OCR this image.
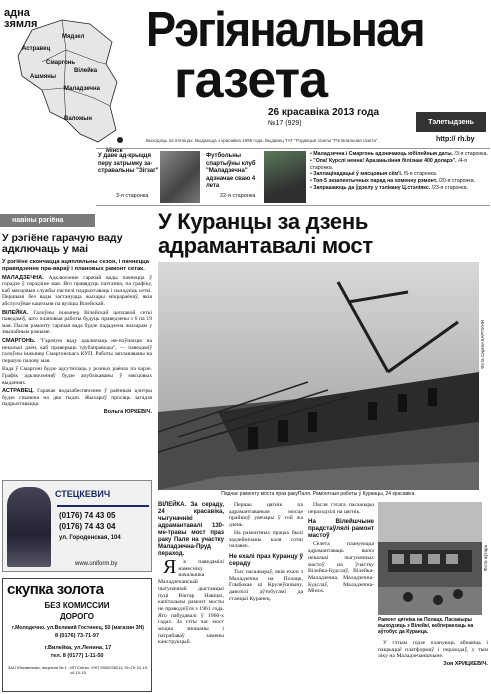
адна
зямля
Мядзел
Астравец
Смаргонь
Ашмяны
Вілейка
Маладзечна
Валожын
Мінск
Рэгіянальная
газета
26 красавіка 2013 года
№17 (929)	Тэлетыдзень
Выходзіць па пятніцах. Выдаецца з красавіка 1995 года. Выдавец ТАТ "Рэдакцыя газеты "Рэгіянальная газета".	http:// rh.by
У даве ад-крыцця перу затрымку за-стравальны "Зігзаг"
3-я старонка
Футбольны спартыўны клуб "Маладзечна" адзначае сваю 4 лета
22-я старонка
• Маладзечна і Смаргонь адзначаюць юбілейныя даты. /3-я старонка.
• "Опа! Курслі ненна! Аразаньзіння білізнае 400 доларэ". /4-я старонка.
• Заплацінадацыі ў мясцовыя сём'і. /5-я старонка.
• Топ-5 экзапентычных парад на хоменну рэмонт. /20-я старонка.
• Запрашаюць да ўдзелу у тэлікану Ц.стэліякс. /23-я старонка.
навіны рэгіёна
У рэгіёне гарачую ваду адключаць у маі
У рэгіёне скончацца ацяпляльны сезон, і пачнецца правядзенне пра-вараў і плановых рамонт сетак.
МАЛАДЗЕЧНА. Адключэнне гарачай вады пачнецца ў горадзе ў сярэдзіне мая. Яго правядуць паэтапна, па графіку, каб мясцовыя службы паспелі падрыхтаваць і наладзіць сеткі. Першымі без вады застануцца жыхары мікрараёнаў, якія абслугоўвае кацельня па вуліцы Вілейскай.
ВІЛЕЙКА. Галоўны інжынер Вілейскай цеплавой сеткі паведаміў, што плановыя работы будуць праведзены з 6 па 19 мая. Пасля рамонту гарачая вада будзе пададзена жыхарам у звычайным рэжыме.
СМАРГОНЬ. "Гарачую ваду адключаць ня-поўнасцю на некалькі дзён, каб праверыць трубаправоды", — паведаміў галоўны інжынер Смаргонскага КУП. Работы запланаваны на першую палову мая.
Вада ў Смаргоні будзе адсутнічаць у розных раёнах па чарзе. Графік адключэнняў будзе апублікаваны ў мясцовых выданнях.
АСТРАВЕЦ. Гарачае водазабеспячэнне ў раённым цэнтры будзе спынена на два тыдні. Жыхароў просяць загадзя падрыхтавацца.
Вольга ЮРКЕВІЧ.
СТЕЦКЕВИЧ
(0176) 74 43 05
(0176) 74 43 04
ул. Городенская, 104
www.uniform.by
скупка золота
БЕЗ КОМИССИИ
ДОРОГО
г.Молодечно, ул.Великий Гостинец, 50 (магазин 3Н)
8 (0176) 73-71-97
г.Вилейка, ул.Ленина, 17
тел. 8 (0177) 1-11-50
ЗАО Юнименскія, лицензія № 1 ; ИП Снiтко; УНП 5900235211; Пн-Пт 10-19, сб 10-15
У Куранцы за дзень адрамантавалі мост
Фота Сяргея КАРПУНЯ
Падчас рамонту моста праз ракуПаля. Рамонтныя работы ў Куранцы, 24 красавіка.

ВІЛЕЙКА. За сераду, 24 красавіка, чыгуначнікі адрамантавалі 130-ме-травы мост праз раку Паля на участку Маладзечна-Пруд пераход.

Я к паведамілі намесніку начальніка Маладзечанскай чыгуначнай дыстанцыі пуці Віктар Навіцкі, капітальны рамонт мосты не праводзіўся з 1961 года. Яго пабудавалі ў 1960-х гадах. За гэты час мост моцна зношаны і патрабаваў замены канструкцый.

Першы цягнік па адрамантаваным мосце прайшоў увечары ў той жа дзень.

На рамонтных працах былі задзейнічаны каля сотні чалавек.

Не ехалі праз Куранцу ў сераду

Тых пасажыраў, якія ехалі з Маладзечна на Полацк, Глыбокае ці Крулеўшчыну, давозілі аўтобусамі да станцыі Куранец.

Пасля гэтага пасажыры пераходзілі на цягнік.

На Вілейшчыне прадстаўлялі рамонт мастоў

Сёлета плануюцца адрамантаваць яшчэ некалькі чыгуначных мастоў на ўчастку Вілейка-Будслаў, Вілейка-Маладзечна. Маладзечна-Будслаў, Маладзечна-Мінск.

Фота аўтара
Рамонт цягніка на Полацк. Пасажыры выходзяць з Вілейкі, кабпераехаць на аўтобус да Куранца.

У гэтым годзе плануюць абнавіць і пакрыццё платформаў і пераходаў, у тым ліку на Маладзечаншчыне.

Зоя ХРИЦКЕВІЧ.
